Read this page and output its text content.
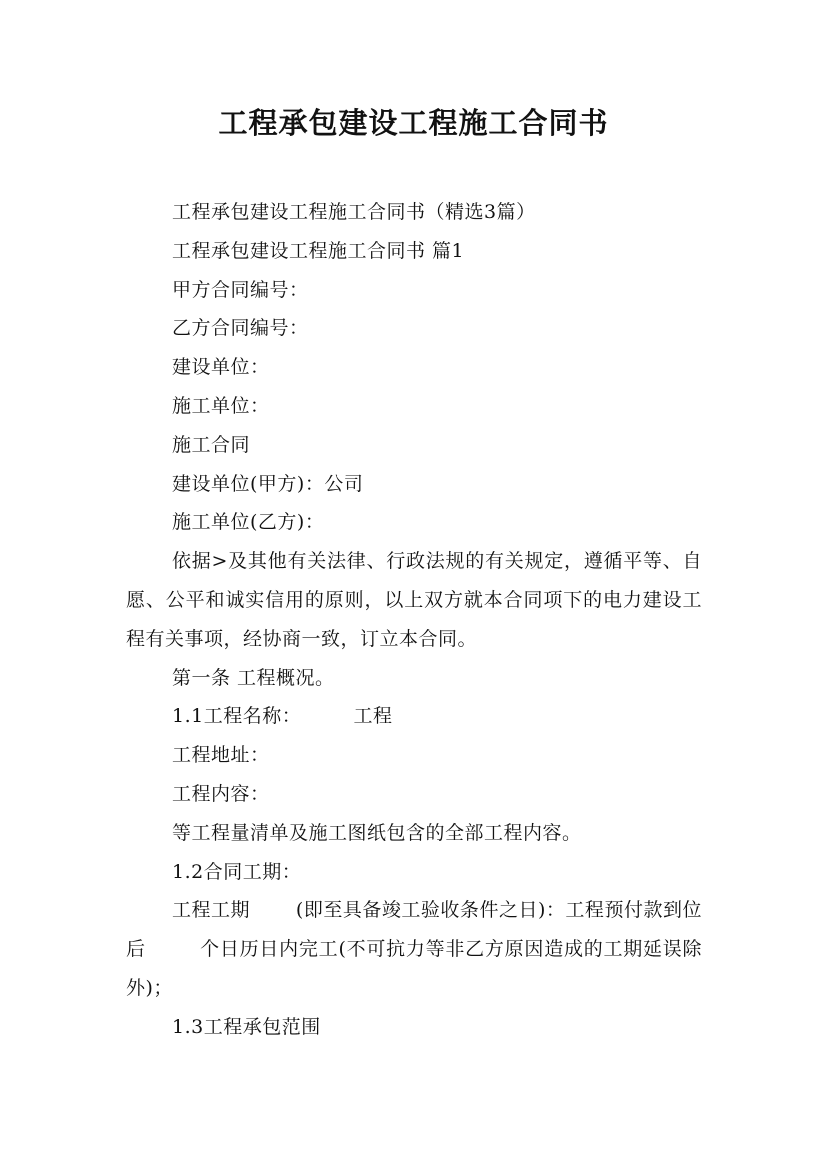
工程承包建设工程施工合同书

工程承包建设工程施工合同书（精选3篇）

工程承包建设工程施工合同书 篇1

甲方合同编号：

乙方合同编号：

建设单位：

施工单位：

施工合同

建设单位(甲方)：公司

施工单位(乙方)：

依据>及其他有关法律、行政法规的有关规定，遵循平等、自愿、公平和诚实信用的原则，以上双方就本合同项下的电力建设工程有关事项，经协商一致，订立本合同。

第一条 工程概况。

1.1工程名称：        工程

工程地址：

工程内容：

等工程量清单及施工图纸包含的全部工程内容。

1.2合同工期：

工程工期       (即至具备竣工验收条件之日)：工程预付款到位后        个日历日内完工(不可抗力等非乙方原因造成的工期延误除外)；

1.3工程承包范围
